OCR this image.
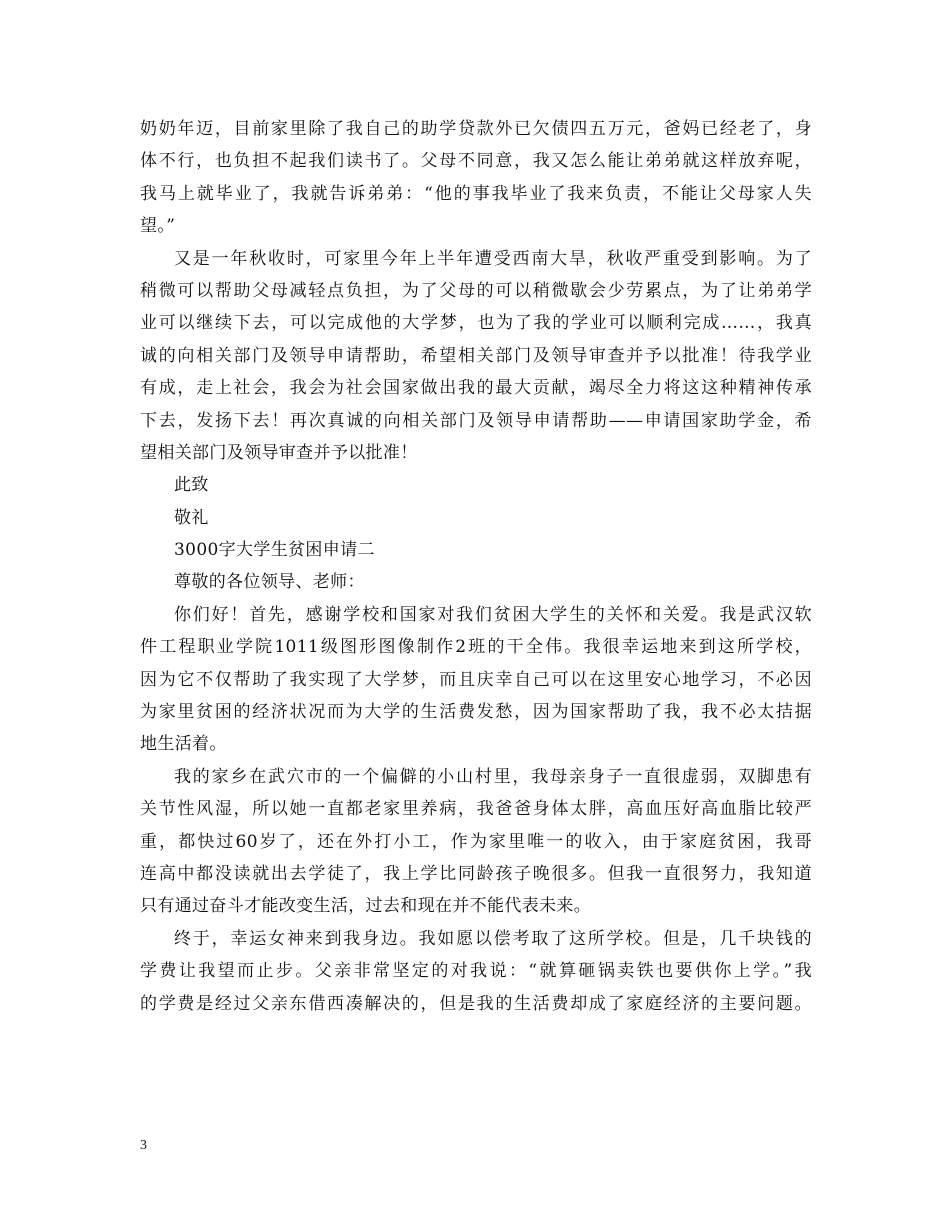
奶奶年迈，目前家里除了我自己的助学贷款外已欠债四五万元，爸妈已经老了，身
体不行，也负担不起我们读书了。父母不同意，我又怎么能让弟弟就这样放弃呢，
我马上就毕业了，我就告诉弟弟：“他的事我毕业了我来负责，不能让父母家人失
望。”
又是一年秋收时，可家里今年上半年遭受西南大旱，秋收严重受到影响。为了
稍微可以帮助父母减轻点负担，为了父母的可以稍微歇会少劳累点，为了让弟弟学
业可以继续下去，可以完成他的大学梦，也为了我的学业可以顺利完成……，我真
诚的向相关部门及领导申请帮助，希望相关部门及领导审查并予以批准！待我学业
有成，走上社会，我会为社会国家做出我的最大贡献，竭尽全力将这这种精神传承
下去，发扬下去！再次真诚的向相关部门及领导申请帮助——申请国家助学金，希
望相关部门及领导审查并予以批准！
此致
敬礼
3000字大学生贫困申请二
尊敬的各位领导、老师：
你们好！首先，感谢学校和国家对我们贫困大学生的关怀和关爱。我是武汉软
件工程职业学院1011级图形图像制作2班的干全伟。我很幸运地来到这所学校，
因为它不仅帮助了我实现了大学梦，而且庆幸自己可以在这里安心地学习，不必因
为家里贫困的经济状况而为大学的生活费发愁，因为国家帮助了我，我不必太拮据
地生活着。
我的家乡在武穴市的一个偏僻的小山村里，我母亲身子一直很虚弱，双脚患有
关节性风湿，所以她一直都老家里养病，我爸爸身体太胖，高血压好高血脂比较严
重，都快过60岁了，还在外打小工，作为家里唯一的收入，由于家庭贫困，我哥
连高中都没读就出去学徒了，我上学比同龄孩子晚很多。但我一直很努力，我知道
只有通过奋斗才能改变生活，过去和现在并不能代表未来。
终于，幸运女神来到我身边。我如愿以偿考取了这所学校。但是，几千块钱的
学费让我望而止步。父亲非常坚定的对我说：“就算砸锅卖铁也要供你上学。”我
的学费是经过父亲东借西凑解决的，但是我的生活费却成了家庭经济的主要问题。
3
